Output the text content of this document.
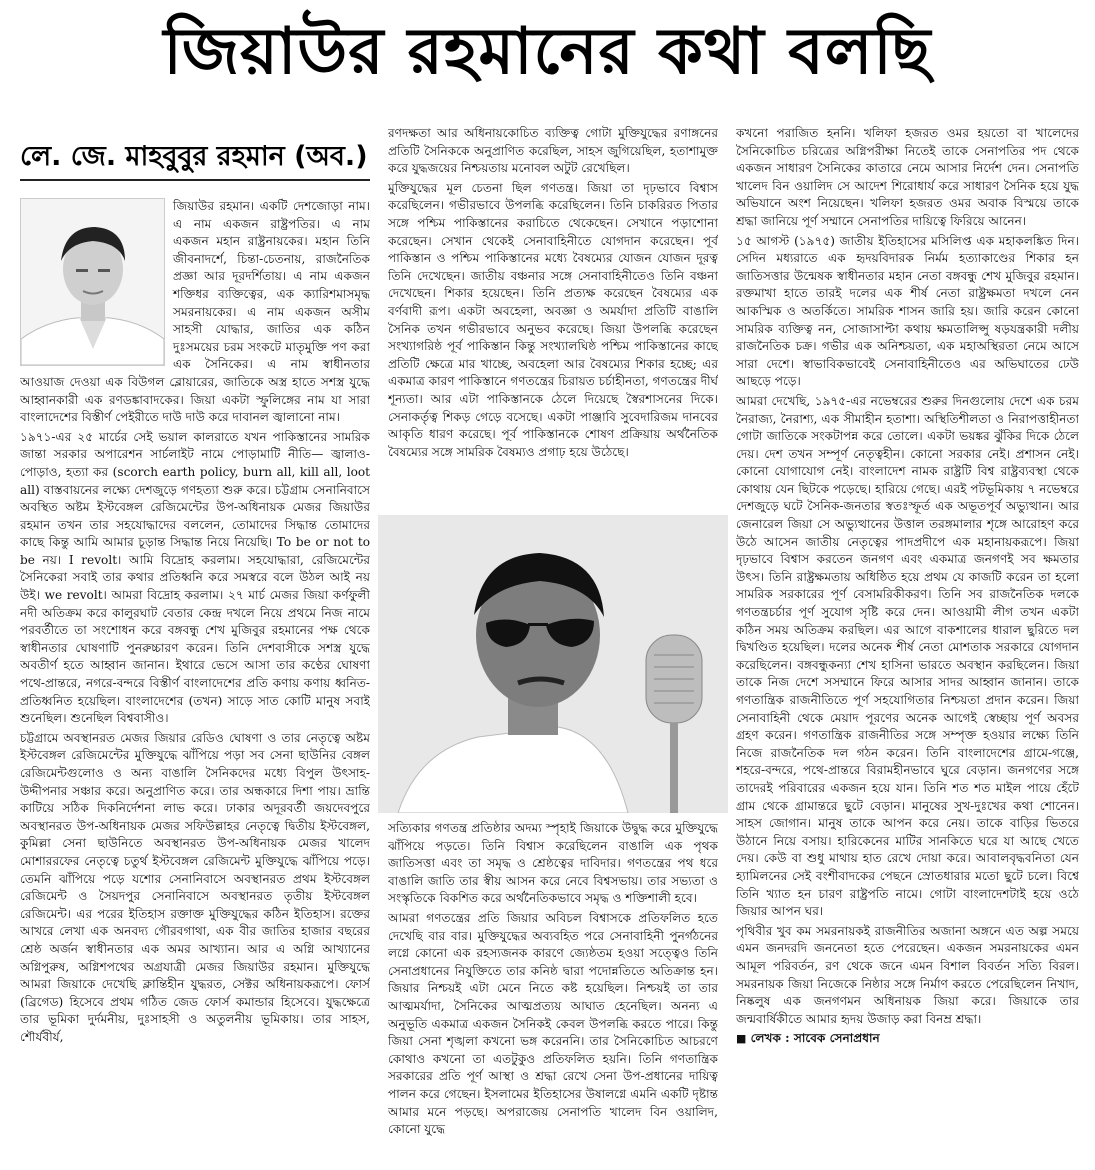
জিয়াউর রহমানের কথা বলছি
লে. জে. মাহবুবুর রহমান (অব.)

জিয়াউর রহমান। একটি দেশজোড়া নাম। এ নাম একজন রাষ্ট্রপতির। এ নাম একজন মহান রাষ্ট্রনায়কের। মহান তিনি জীবনাদর্শে, চিন্তা-চেতনায়, রাজনৈতিক প্রজ্ঞা আর দূরদর্শিতায়। এ নাম একজন শক্তিধর ব্যক্তিত্বের, এক ক্যারিশমাসমৃদ্ধ সমরনায়কের। এ নাম একজন অসীম সাহসী যোদ্ধার, জাতির এক কঠিন দুঃসময়ের চরম সংকটে মাতৃমুক্তি পণ করা এক সৈনিকের। এ নাম স্বাধীনতার আওয়াজ দেওয়া এক বিউগল ব্লোয়ারের, জাতিকে অস্ত্র হাতে সশস্ত্র যুদ্ধে আহ্বানকারী এক রণডঙ্কাবাদকের। জিয়া একটা স্ফুলিঙ্গের নাম যা সারা বাংলাদেশের বিস্তীর্ণ পেইরীতে দাউ দাউ করে দাবানল জ্বালানো নাম।

১৯৭১-এর ২৫ মার্চের সেই ভয়াল কালরাতে যখন পাকিস্তানের সামরিক জান্তা সরকার অপারেশন সার্চলাইট নামে পোড়ামাটি নীতি— জ্বালাও-পোড়াও, হত্যা কর (scorch earth policy, burn all, kill all, loot all) বাস্তবায়নের লক্ষ্যে দেশজুড়ে গণহত্যা শুরু করে। চট্টগ্রাম সেনানিবাসে অবস্থিত অষ্টম ইস্টবেঙ্গল রেজিমেন্টের উপ-অধিনায়ক মেজর জিয়াউর রহমান তখন তার সহযোদ্ধাদের বললেন, তোমাদের সিদ্ধান্ত তোমাদের কাছে কিন্তু আমি আমার চূড়ান্ত সিদ্ধান্ত নিয়ে নিয়েছি। To be or not to be নয়। I revolt। আমি বিদ্রোহ করলাম। সহযোদ্ধারা, রেজিমেন্টের সৈনিকেরা সবাই তার কথার প্রতিধ্বনি করে সমস্বরে বলে উঠল আই নয় উই। we revolt। আমরা বিদ্রোহ করলাম। ২৭ মার্চ মেজর জিয়া কর্ণফুলী নদী অতিক্রম করে কালুরঘাট বেতার কেন্দ্র দখলে নিয়ে প্রথমে নিজ নামে পরবর্তীতে তা সংশোধন করে বঙ্গবন্ধু শেখ মুজিবুর রহমানের পক্ষ থেকে স্বাধীনতার ঘোষণাটি পুনরুচ্চারণ করেন। তিনি দেশবাসীকে সশস্ত্র যুদ্ধে অবতীর্ণ হতে আহ্বান জানান। ইথারে ভেসে আসা তার কণ্ঠের ঘোষণা পথে-প্রান্তরে, নগরে-বন্দরে বিস্তীর্ণ বাংলাদেশের প্রতি কণায় কণায় ধ্বনিত-প্রতিধ্বনিত হয়েছিল। বাংলাদেশের (তখন) সাড়ে সাত কোটি মানুষ সবাই শুনেছিল। শুনেছিল বিশ্ববাসীও।

চট্টগ্রামে অবস্থানরত মেজর জিয়ার রেডিও ঘোষণা ও তার নেতৃত্বে অষ্টম ইস্টবেঙ্গল রেজিমেন্টের মুক্তিযুদ্ধে ঝাঁপিয়ে পড়া সব সেনা ছাউনির বেঙ্গল রেজিমেন্টগুলোও ও অন্য বাঙালি সৈনিকদের মধ্যে বিপুল উৎসাহ-উদ্দীপনার সঞ্চার করে। অনুপ্রাণিত করে। তার অন্ধকারে দিশা পায়। ভ্রান্তি কাটিয়ে সঠিক দিকনির্দেশনা লাভ করে। ঢাকার অদূরবর্তী জয়দেবপুরে অবস্থানরত উপ-অধিনায়ক মেজর সফিউল্লাহর নেতৃত্বে দ্বিতীয় ইস্টবেঙ্গল, কুমিল্লা সেনা ছাউনিতে অবস্থানরত উপ-অধিনায়ক মেজর খালেদ মোশাররফের নেতৃত্বে চতুর্থ ইস্টবেঙ্গল রেজিমেন্ট মুক্তিযুদ্ধে ঝাঁপিয়ে পড়ে। তেমনি ঝাঁপিয়ে পড়ে যশোর সেনানিবাসে অবস্থানরত প্রথম ইস্টবেঙ্গল রেজিমেন্ট ও সৈয়দপুর সেনানিবাসে অবস্থানরত তৃতীয় ইস্টবেঙ্গল রেজিমেন্ট। এর পরের ইতিহাস রক্তাক্ত মুক্তিযুদ্ধের কঠিন ইতিহাস। রক্তের আখরে লেখা এক অনবদ্য গৌরবগাথা, এক বীর জাতির হাজার বছরের শ্রেষ্ঠ অর্জন স্বাধীনতার এক অমর আখ্যান। আর এ অগ্নি আখ্যানের অগ্নিপুরুষ, অগ্নিশপথের অগ্রযাত্রী মেজর জিয়াউর রহমান। মুক্তিযুদ্ধে আমরা জিয়াকে দেখেছি ক্লান্তিহীন যুদ্ধরত, সেক্টর অধিনায়করূপে। ফোর্স (ব্রিগেড) হিসেবে প্রথম গঠিত জেড ফোর্স কমান্ডার হিসেবে। যুদ্ধক্ষেত্রে তার ভূমিকা দুর্দমনীয়, দুঃসাহসী ও অতুলনীয় ভূমিকায়। তার সাহস, শৌর্যবীর্য,

রণদক্ষতা আর অধিনায়কোচিত ব্যক্তিত্ব গোটা মুক্তিযুদ্ধের রণাঙ্গনের প্রতিটি সৈনিককে অনুপ্রাণিত করেছিল, সাহস জুগিয়েছিল, হতাশামুক্ত করে যুদ্ধজয়ের নিশ্চয়তায় মনোবল অটুট রেখেছিল।

মুক্তিযুদ্ধের মূল চেতনা ছিল গণতন্ত্র। জিয়া তা দৃঢ়ভাবে বিশ্বাস করেছিলেন। গভীরভাবে উপলব্ধি করেছিলেন। তিনি চাকরিরত পিতার সঙ্গে পশ্চিম পাকিস্তানের করাচিতে থেকেছেন। সেখানে পড়াশোনা করেছেন। সেখান থেকেই সেনাবাহিনীতে যোগদান করেছেন। পূর্ব পাকিস্তান ও পশ্চিম পাকিস্তানের মধ্যে বৈষম্যের যোজন যোজন দূরত্ব তিনি দেখেছেন। জাতীয় বঞ্চনার সঙ্গে সেনাবাহিনীতেও তিনি বঞ্চনা দেখেছেন। শিকার হয়েছেন। তিনি প্রত্যক্ষ করেছেন বৈষম্যের এক বর্ণবাদী রূপ। একটা অবহেলা, অবজ্ঞা ও অমর্যাদা প্রতিটি বাঙালি সৈনিক তখন গভীরভাবে অনুভব করেছে। জিয়া উপলব্ধি করেছেন সংখ্যাগরিষ্ঠ পূর্ব পাকিস্তান কিন্তু সংখ্যালঘিষ্ঠ পশ্চিম পাকিস্তানের কাছে প্রতিটি ক্ষেত্রে মার খাচ্ছে, অবহেলা আর বৈষম্যের শিকার হচ্ছে; এর একমাত্র কারণ পাকিস্তানে গণতন্ত্রের চিরায়ত চর্চাহীনতা, গণতন্ত্রের দীর্ঘ শূন্যতা। আর এটা পাকিস্তানকে ঠেলে দিয়েছে স্বৈরশাসনের দিকে। সেনাকর্তৃত্ব শিকড় গেড়ে বসেছে। একটা পাঞ্জাবি সুবেদারিজম দানবের আকৃতি ধারণ করেছে। পূর্ব পাকিস্তানকে শোষণ প্রক্রিয়ায় অর্থনৈতিক বৈষম্যের সঙ্গে সামরিক বৈষম্যও প্রগাঢ় হয়ে উঠেছে।

সত্যিকার গণতন্ত্র প্রতিষ্ঠার অদম্য স্পৃহাই জিয়াকে উদ্বুদ্ধ করে মুক্তিযুদ্ধে ঝাঁপিয়ে পড়তে। তিনি বিশ্বাস করেছিলেন বাঙালি এক পৃথক জাতিসত্তা এবং তা সমৃদ্ধ ও শ্রেষ্ঠত্বের দাবিদার। গণতন্ত্রের পথ ধরে বাঙালি জাতি তার স্বীয় আসন করে নেবে বিশ্বসভায়। তার সভ্যতা ও সংস্কৃতিকে বিকশিত করে অর্থনৈতিকভাবে সমৃদ্ধ ও শক্তিশালী হবে।

আমরা গণতন্ত্রের প্রতি জিয়ার অবিচল বিশ্বাসকে প্রতিফলিত হতে দেখেছি বার বার। মুক্তিযুদ্ধের অব্যবহিত পরে সেনাবাহিনী পুনর্গঠনের লগ্নে কোনো এক রহস্যজনক কারণে জ্যেষ্ঠতম হওয়া সত্ত্বেও তিনি সেনাপ্রধানের নিযুক্তিতে তার কনিষ্ঠ দ্বারা পদোন্নতিতে অতিক্রান্ত হন। জিয়ার নিশ্চয়ই এটা মেনে নিতে কষ্ট হয়েছিল। নিশ্চয়ই তা তার আত্মমর্যাদা, সৈনিকের আত্মপ্রত্যয় আঘাত হেনেছিল। অনন্য এ অনুভূতি একমাত্র একজন সৈনিকই কেবল উপলব্ধি করতে পারে। কিন্তু জিয়া সেনা শৃঙ্খলা কখনো ভঙ্গ করেননি। তার সৈনিকোচিত আচরণে কোথাও কখনো তা এতটুকুও প্রতিফলিত হয়নি। তিনি গণতান্ত্রিক সরকারের প্রতি পূর্ণ আস্থা ও শ্রদ্ধা রেখে সেনা উপ-প্রধানের দায়িত্ব পালন করে গেছেন। ইসলামের ইতিহাসের উষালগ্নে এমনি একটি দৃষ্টান্ত আমার মনে পড়ছে। অপরাজেয় সেনাপতি খালেদ বিন ওয়ালিদ, কোনো যুদ্ধে

কখনো পরাজিত হননি। খলিফা হজরত ওমর হয়তো বা খালেদের সৈনিকোচিত চরিত্রের অগ্নিপরীক্ষা নিতেই তাকে সেনাপতির পদ থেকে একজন সাধারণ সৈনিকের কাতারে নেমে আসার নির্দেশ দেন। সেনাপতি খালেদ বিন ওয়ালিদ সে আদেশ শিরোধার্য করে সাধারণ সৈনিক হয়ে যুদ্ধ অভিযানে অংশ নিয়েছেন। খলিফা হজরত ওমর অবাক বিস্ময়ে তাকে শ্রদ্ধা জানিয়ে পূর্ণ সম্মানে সেনাপতির দায়িত্বে ফিরিয়ে আনেন।

১৫ আগস্ট (১৯৭৫) জাতীয় ইতিহাসের মসিলিপ্ত এক মহাকলঙ্কিত দিন। সেদিন মধ্যরাতে এক হৃদয়বিদারক নির্মম হত্যাকাণ্ডের শিকার হন জাতিসত্তার উন্মেষক স্বাধীনতার মহান নেতা বঙ্গবন্ধু শেখ মুজিবুর রহমান। রক্তমাখা হাতে তারই দলের এক শীর্ষ নেতা রাষ্ট্রক্ষমতা দখলে নেন আকস্মিক ও অতর্কিতে। সামরিক শাসন জারি হয়। জারি করেন কোনো সামরিক ব্যক্তিত্ব নন, সোজাসাপ্টা কথায় ক্ষমতালিপ্সু ষড়যন্ত্রকারী দলীয় রাজনৈতিক চক্র। গভীর এক অনিশ্চয়তা, এক মহাঅস্থিরতা নেমে আসে সারা দেশে। স্বাভাবিকভাবেই সেনাবাহিনীতেও এর অভিঘাতের ঢেউ আছড়ে পড়ে।

আমরা দেখেছি, ১৯৭৫-এর নভেম্বরের শুরুর দিনগুলোয় দেশে এক চরম নৈরাজ্য, নৈরাশ্য, এক সীমাহীন হতাশা। অস্থিতিশীলতা ও নিরাপত্তাহীনতা গোটা জাতিকে সংকটাপন্ন করে তোলে। একটা ভয়ঙ্কর ঝুঁকির দিকে ঠেলে দেয়। দেশ তখন সম্পূর্ণ নেতৃত্বহীন। কোনো সরকার নেই। প্রশাসন নেই। কোনো যোগাযোগ নেই। বাংলাদেশ নামক রাষ্ট্রটি বিশ্ব রাষ্ট্রব্যবস্থা থেকে কোথায় যেন ছিটকে পড়েছে। হারিয়ে গেছে। এরই পটভূমিকায় ৭ নভেম্বরে দেশজুড়ে ঘটে সৈনিক-জনতার স্বতঃস্ফূর্ত এক অভূতপূর্ব অভ্যুত্থান। আর জেনারেল জিয়া সে অভ্যুত্থানের উত্তাল তরঙ্গমালার শৃঙ্গে আরোহণ করে উঠে আসেন জাতীয় নেতৃত্বের পাদপ্রদীপে এক মহানায়করূপে। জিয়া দৃঢ়ভাবে বিশ্বাস করতেন জনগণ এবং একমাত্র জনগণই সব ক্ষমতার উৎস। তিনি রাষ্ট্রক্ষমতায় অধিষ্ঠিত হয়ে প্রথম যে কাজটি করেন তা হলো সামরিক সরকারের পূর্ণ বেসামরিকীকরণ। তিনি সব রাজনৈতিক দলকে গণতন্ত্রচর্চার পূর্ণ সুযোগ সৃষ্টি করে দেন। আওয়ামী লীগ তখন একটা কঠিন সময় অতিক্রম করছিল। এর আগে বাকশালের ধারাল ছুরিতে দল দ্বিখণ্ডিত হয়েছিল। দলের অনেক শীর্ষ নেতা মোশতাক সরকারে যোগদান করেছিলেন। বঙ্গবন্ধুকন্যা শেখ হাসিনা ভারতে অবস্থান করছিলেন। জিয়া তাকে নিজ দেশে সসম্মানে ফিরে আসার সাদর আহ্বান জানান। তাকে গণতান্ত্রিক রাজনীতিতে পূর্ণ সহযোগিতার নিশ্চয়তা প্রদান করেন। জিয়া সেনাবাহিনী থেকে মেয়াদ পূরণের অনেক আগেই স্বেচ্ছায় পূর্ণ অবসর গ্রহণ করেন। গণতান্ত্রিক রাজনীতির সঙ্গে সম্পৃক্ত হওয়ার লক্ষ্যে তিনি নিজে রাজনৈতিক দল গঠন করেন। তিনি বাংলাদেশের গ্রামে-গঞ্জে, শহরে-বন্দরে, পথে-প্রান্তরে বিরামহীনভাবে ঘুরে বেড়ান। জনগণের সঙ্গে তাদেরই পরিবারের একজন হয়ে যান। তিনি শত শত মাইল পায়ে হেঁটে গ্রাম থেকে গ্রামান্তরে ছুটে বেড়ান। মানুষের সুখ-দুঃখের কথা শোনেন। সাহস জোগান। মানুষ তাকে আপন করে নেয়। তাকে বাড়ির ভিতরে উঠানে নিয়ে বসায়। হারিকেনের মাটির সানকিতে ঘরে যা আছে খেতে দেয়। কেউ বা শুধু মাথায় হাত রেখে দোয়া করে। আবালবৃদ্ধবনিতা যেন হ্যামিলনের সেই বংশীবাদকের পেছনে স্রোতধারার মতো ছুটে চলে। বিশ্বে তিনি খ্যাত হন চারণ রাষ্ট্রপতি নামে। গোটা বাংলাদেশটাই হয়ে ওঠে জিয়ার আপন ঘর।

পৃথিবীর খুব কম সমরনায়কই রাজনীতির অজানা অঙ্গনে এত অল্প সময়ে এমন জনদরদি জননেতা হতে পেরেছেন। একজন সমরনায়কের এমন আমূল পরিবর্তন, রণ থেকে জনে এমন বিশাল বিবর্তন সত্যি বিরল। সমরনায়ক জিয়া নিজেকে নিষ্ঠার সঙ্গে নির্মাণ করতে পেরেছিলেন নিখাদ, নিষ্কলুষ এক জনগণমন অধিনায়ক জিয়া করে। জিয়াকে তার জন্মবার্ষিকীতে আমার হৃদয় উজাড় করা বিনম্র শ্রদ্ধা।

■ লেখক : সাবেক সেনাপ্রধান
